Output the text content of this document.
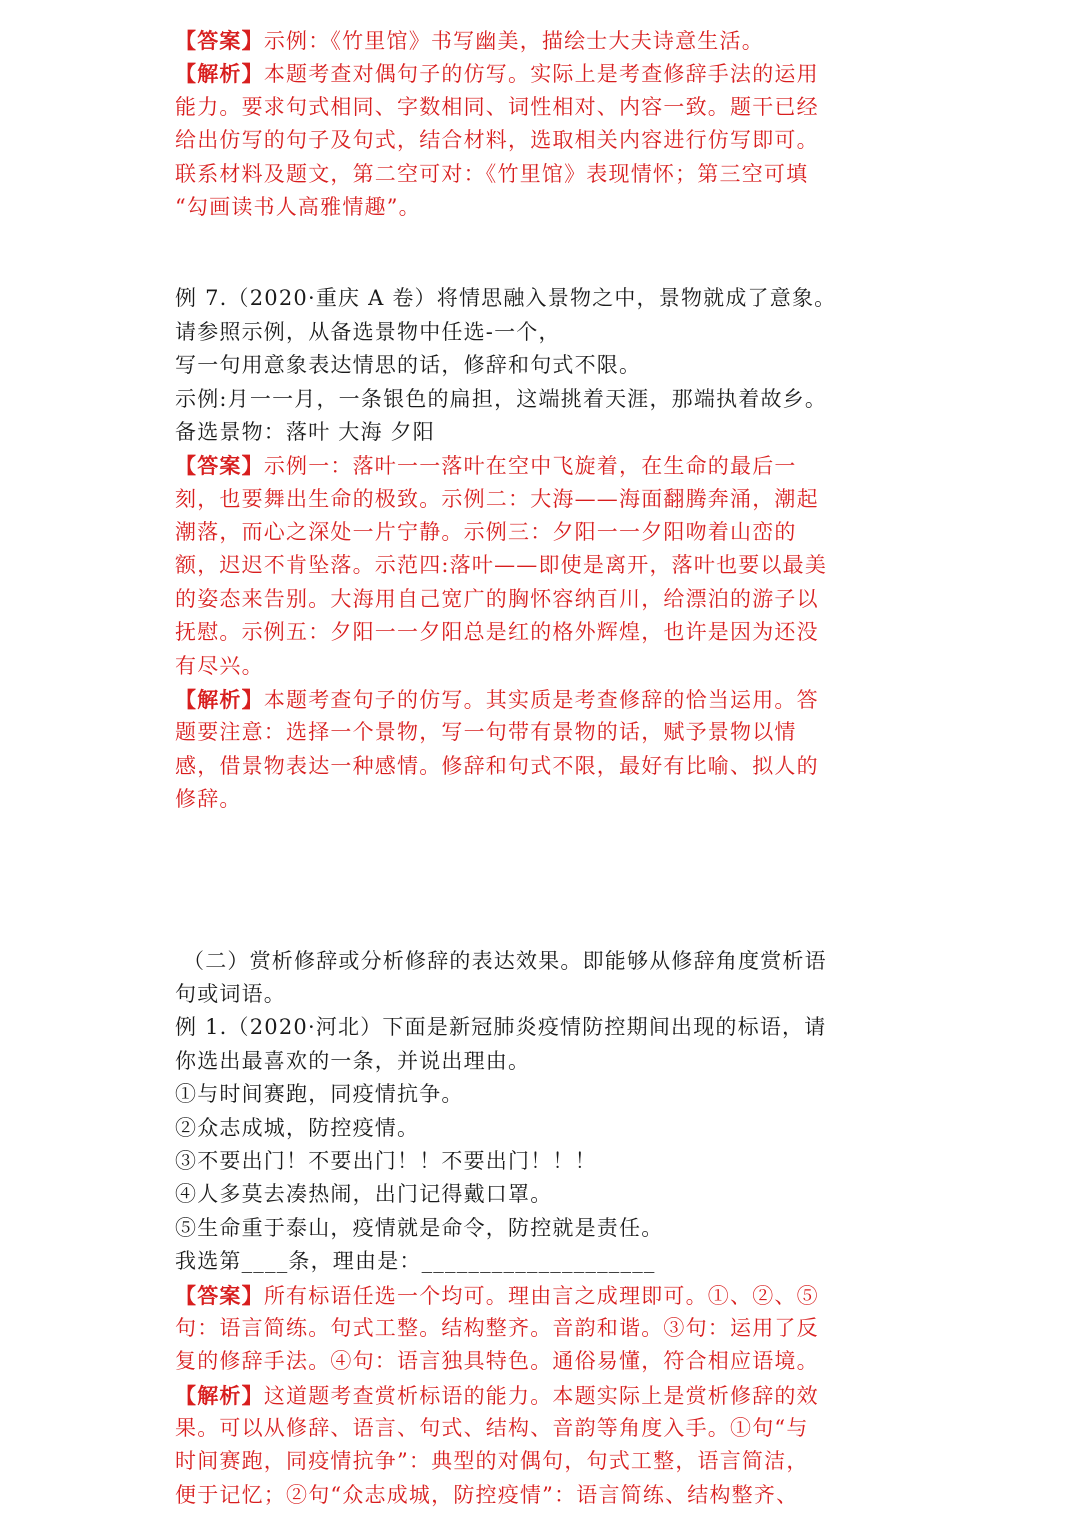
【答案】示例：《竹里馆》书写幽美，描绘士大夫诗意生活。
【解析】本题考查对偶句子的仿写。实际上是考查修辞手法的运用
能力。要求句式相同、字数相同、词性相对、内容一致。题干已经
给出仿写的句子及句式，结合材料，选取相关内容进行仿写即可。
联系材料及题文，第二空可对：《竹里馆》表现情怀；第三空可填
“勾画读书人高雅情趣”。
例 7.（2020·重庆 A 卷）将情思融入景物之中，景物就成了意象。
请参照示例，从备选景物中任选-一个，
写一句用意象表达情思的话，修辞和句式不限。
示例:月一一月，一条银色的扁担，这端挑着天涯，那端执着故乡。
备选景物：落叶 大海 夕阳
【答案】示例一：落叶一一落叶在空中飞旋着，在生命的最后一
刻，也要舞出生命的极致。示例二：大海——海面翻腾奔涌，潮起
潮落，而心之深处一片宁静。示例三：夕阳一一夕阳吻着山峦的
额，迟迟不肯坠落。示范四:落叶——即使是离开，落叶也要以最美
的姿态来告别。大海用自己宽广的胸怀容纳百川，给漂泊的游子以
抚慰。示例五：夕阳一一夕阳总是红的格外辉煌，也许是因为还没
有尽兴。
【解析】本题考查句子的仿写。其实质是考查修辞的恰当运用。答
题要注意：选择一个景物，写一句带有景物的话，赋予景物以情
感，借景物表达一种感情。修辞和句式不限，最好有比喻、拟人的
修辞。
（二）赏析修辞或分析修辞的表达效果。即能够从修辞角度赏析语
句或词语。
例 1.（2020·河北）下面是新冠肺炎疫情防控期间出现的标语，请
你选出最喜欢的一条，并说出理由。
①与时间赛跑，同疫情抗争。
②众志成城，防控疫情。
③不要出门！不要出门！！不要出门！！！
④人多莫去凑热闹，出门记得戴口罩。
⑤生命重于泰山，疫情就是命令，防控就是责任。
我选第____条，理由是：____________________
【答案】所有标语任选一个均可。理由言之成理即可。①、②、⑤
句：语言简练。句式工整。结构整齐。音韵和谐。③句：运用了反
复的修辞手法。④句：语言独具特色。通俗易懂，符合相应语境。
【解析】这道题考查赏析标语的能力。本题实际上是赏析修辞的效
果。可以从修辞、语言、句式、结构、音韵等角度入手。①句“与
时间赛跑，同疫情抗争”：典型的对偶句，句式工整，语言简洁，
便于记忆；②句“众志成城，防控疫情”：语言简练、结构整齐、
